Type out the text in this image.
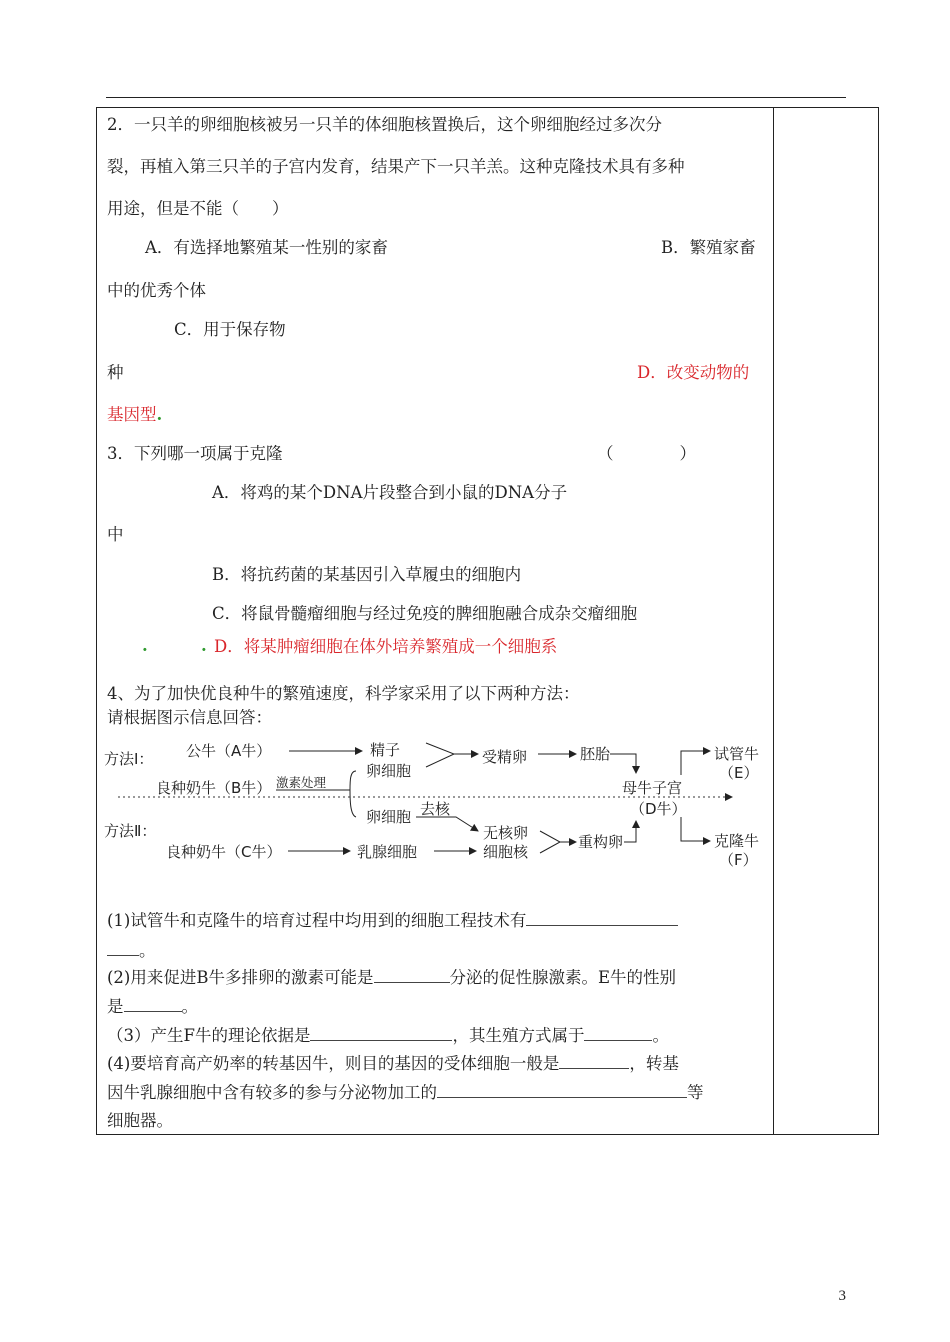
2．一只羊的卵细胞核被另一只羊的体细胞核置换后，这个卵细胞经过多次分
裂，再植入第三只羊的子宫内发育，结果产下一只羊羔。这种克隆技术具有多种
用途，但是不能（　　）
A．有选择地繁殖某一性别的家畜	B．繁殖家畜
中的优秀个体
C．用于保存物
种	D．改变动物的
基因型.
3．下列哪一项属于克隆	（　　　　）
A．将鸡的某个DNA片段整合到小鼠的DNA分子
中
B．将抗药菌的某基因引入草履虫的细胞内
C．将鼠骨髓瘤细胞与经过免疫的脾细胞融合成杂交瘤细胞
.	. D．将某肿瘤细胞在体外培养繁殖成一个细胞系
4、为了加快优良种牛的繁殖速度，科学家采用了以下两种方法：
请根据图示信息回答：
方法Ⅰ：
方法Ⅱ：
公牛（A牛）
良种奶牛（B牛） 激素处理
精子
卵细胞
受精卵	胚胎
母牛子宫
（D牛）
试管牛
（E）
卵细胞 去核
无核卵
细胞核
重构卵	克隆牛
（F）
良种奶牛（C牛）	乳腺细胞
(1)试管牛和克隆牛的培育过程中均用到的细胞工程技术有
。
(2)用来促进B牛多排卵的激素可能是	分泌的促性腺激素。E牛的性别
是	。
（3）产生F牛的理论依据是	，其生殖方式属于	。
(4)要培育高产奶率的转基因牛，则目的基因的受体细胞一般是	，转基
因牛乳腺细胞中含有较多的参与分泌物加工的	等
细胞器。
3
